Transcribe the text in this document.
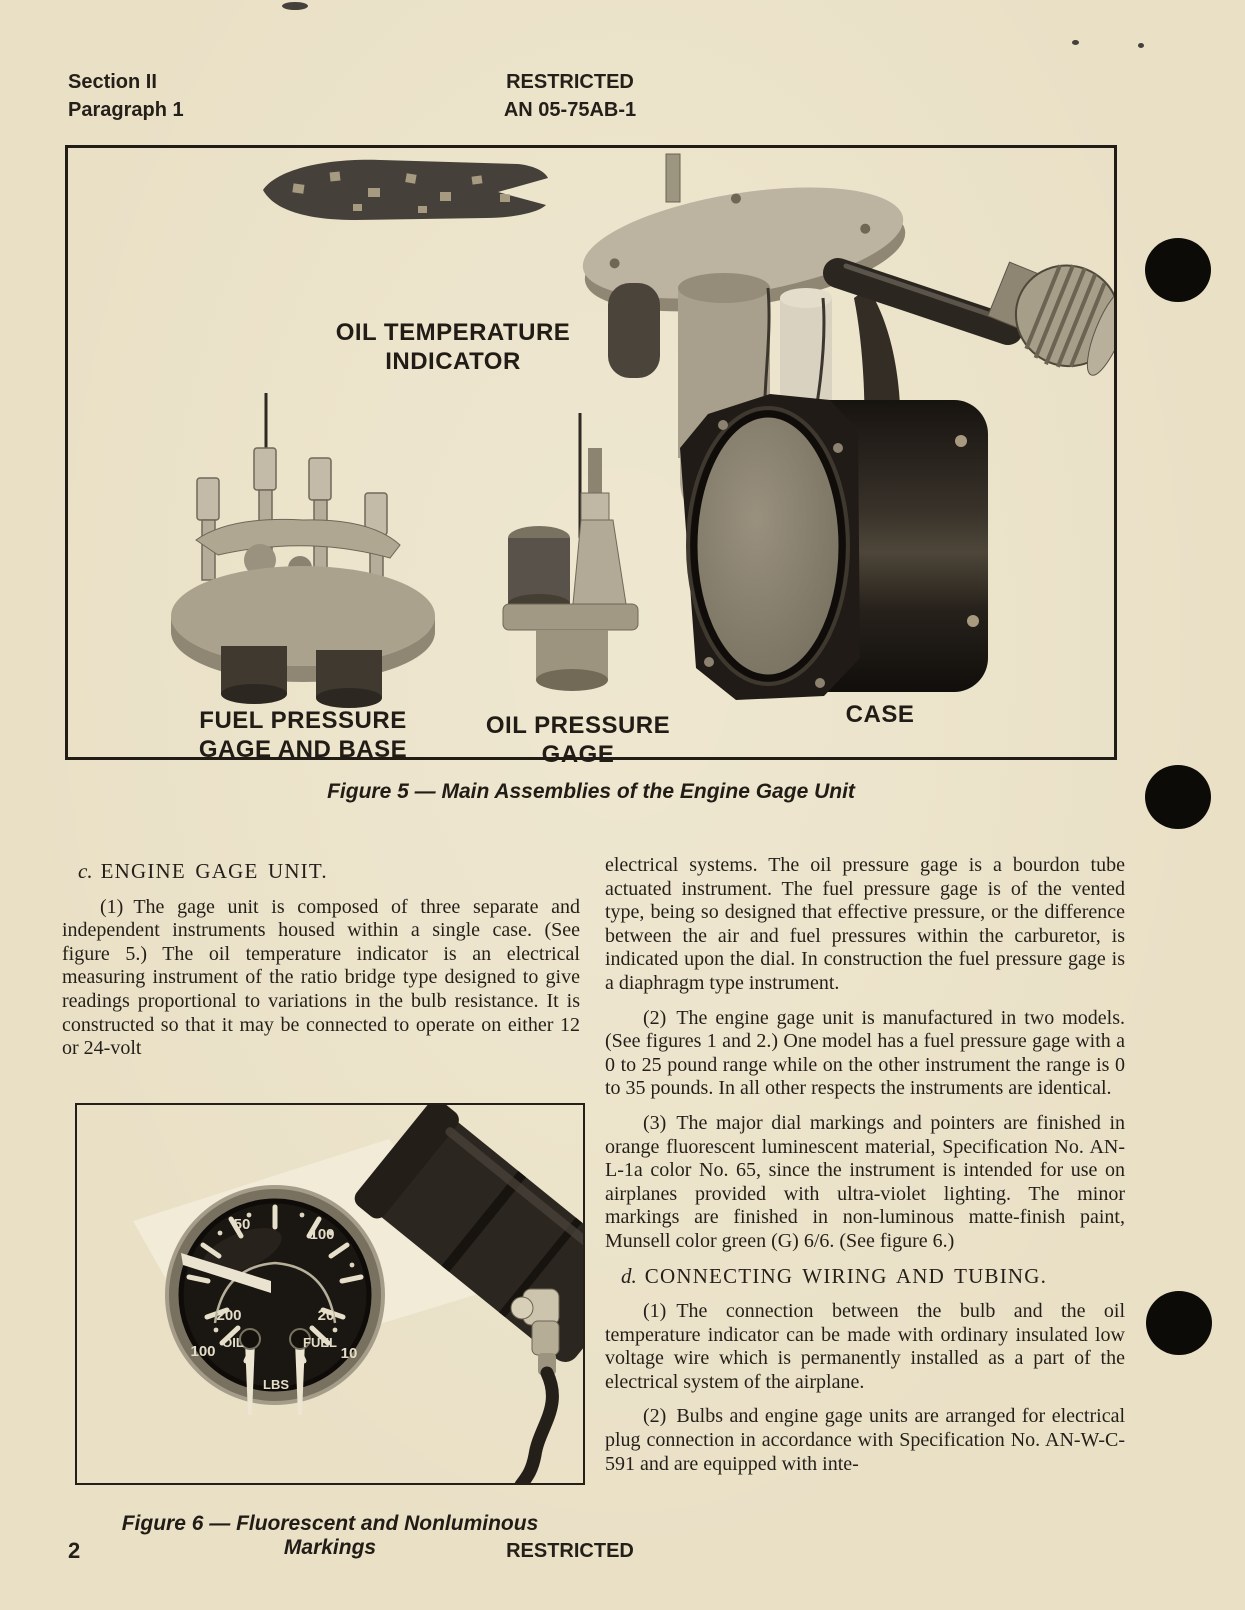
Section II
Paragraph 1
RESTRICTED
AN 05-75AB-1
OIL TEMPERATURE
INDICATOR
FUEL PRESSURE
GAGE AND BASE
OIL PRESSURE GAGE
CASE
Figure 5 — Main Assemblies of the Engine Gage Unit
c. ENGINE GAGE UNIT.

(1) The gage unit is composed of three separate and independent instruments housed within a single case. (See figure 5.) The oil temperature indicator is an electrical measuring instrument of the ratio bridge type designed to give readings proportional to variations in the bulb resistance. It is constructed so that it may be connected to operate on either 12 or 24-volt

electrical systems. The oil pressure gage is a bourdon tube actuated instrument. The fuel pressure gage is of the vented type, being so designed that effective pressure, or the difference between the air and fuel pressures within the carburetor, is indicated upon the dial. In construction the fuel pressure gage is a diaphragm type instrument.

(2) The engine gage unit is manufactured in two models. (See figures 1 and 2.) One model has a fuel pressure gage with a 0 to 25 pound range while on the other instrument the range is 0 to 35 pounds. In all other respects the instruments are identical.

(3) The major dial markings and pointers are finished in orange fluorescent luminescent material, Specification No. AN-L-1a color No. 65, since the instrument is intended for use on airplanes provided with ultra-violet lighting. The minor markings are finished in non-luminous matte-finish paint, Munsell color green (G) 6/6. (See figure 6.)

d. CONNECTING WIRING AND TUBING.

(1) The connection between the bulb and the oil temperature indicator can be made with ordinary insulated low voltage wire which is permanently installed as a part of the electrical system of the airplane.

(2) Bulbs and engine gage units are arranged for electrical plug connection in accordance with Specification No. AN-W-C-591 and are equipped with inte-

50
100
200	20
OIL	FUEL
100	10
LBS
Figure 6 — Fluorescent and Nonluminous Markings
2	RESTRICTED
